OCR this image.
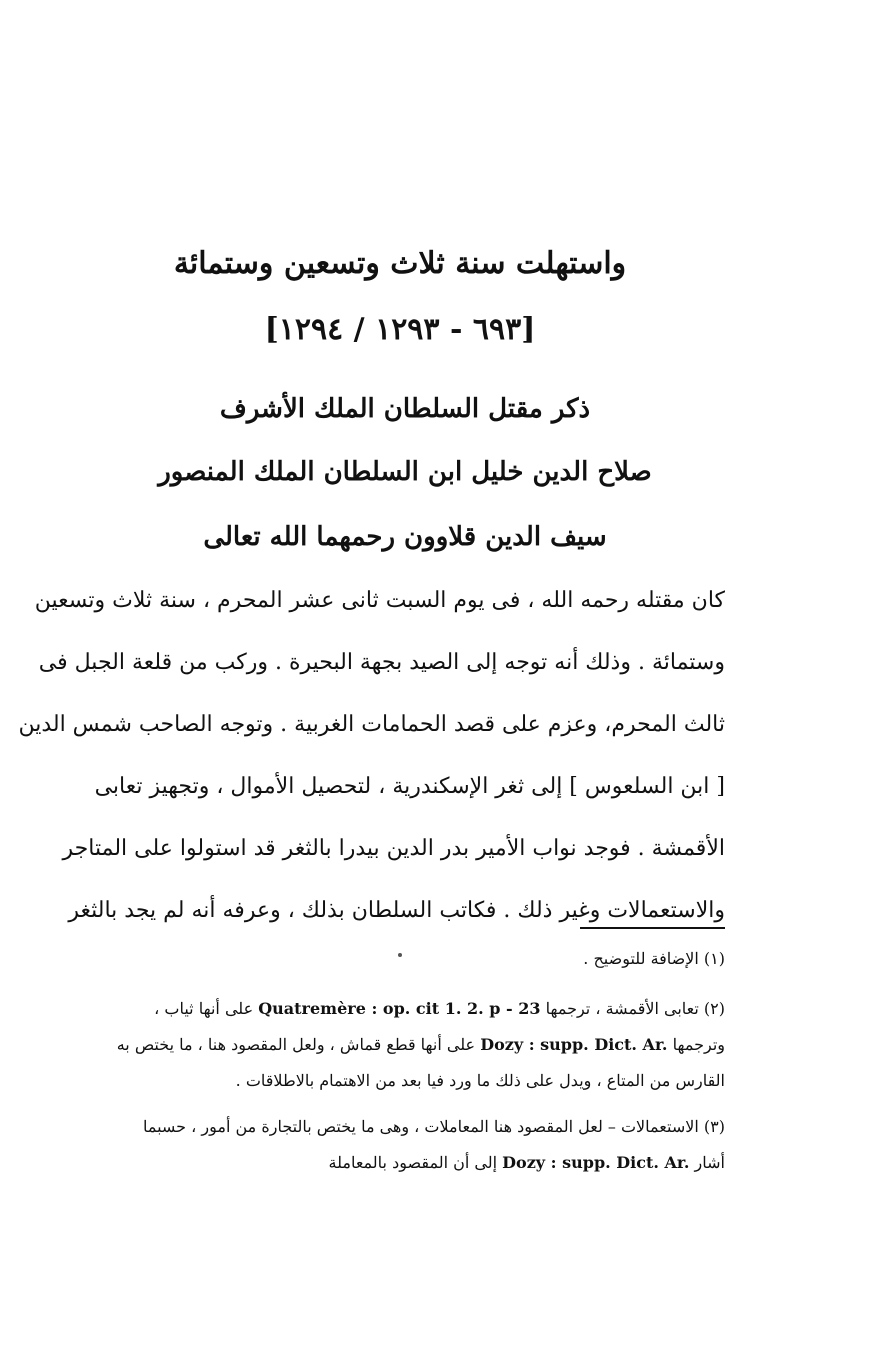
واستهلت سنة ثلاث وتسعين وستمائة
[٦٩٣ - ١٢٩٣ / ١٢٩٤]
ذكر مقتل السلطان الملك الأشرف
صلاح الدين خليل ابن السلطان الملك المنصور
سيف الدين قلاوون رحمهما الله تعالى
كان مقتله رحمه الله ، فى يوم السبت ثانى عشر المحرم ، سنة ثلاث وتسعين
وستمائة . وذلك أنه توجه إلى الصيد بجهة البحيرة . وركب من قلعة الجبل فى
ثالث المحرم، وعزم على قصد الحمامات الغربية . وتوجه الصاحب شمس الدين
[ ابن السلعوس ] إلى ثغر الإسكندرية ، لتحصيل الأموال ، وتجهيز تعابى
الأقمشة . فوجد نواب الأمير بدر الدين بيدرا بالثغر قد استولوا على المتاجر
والاستعمالات وغير ذلك . فكاتب السلطان بذلك ، وعرفه أنه لم يجد بالثغر
(١) الإضافة للتوضيح .
(٢) تعابى الأقمشة ، ترجمها Quatremère : op. cit 1. 2. p - 23 على أنها ثياب ،
وترجمها Dozy : supp. Dict. Ar. على أنها قطع قماش ، ولعل المقصود هنا ، ما يختص به
القارس من المتاع ، ويدل على ذلك ما ورد فيا بعد من الاهتمام بالاطلاقات .
(٣) الاستعمالات – لعل المقصود هنا المعاملات ، وهى ما يختص بالتجارة من أمور ، حسبما
أشار Dozy : supp. Dict. Ar. إلى أن المقصود بالمعاملة
